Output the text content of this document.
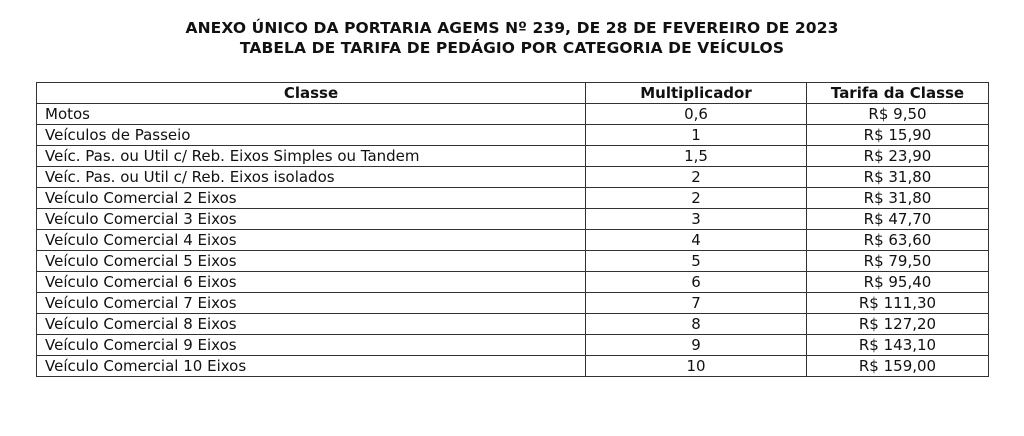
ANEXO ÚNICO DA PORTARIA AGEMS Nº 239, DE 28 DE FEVEREIRO DE 2023
TABELA DE TARIFA DE PEDÁGIO POR CATEGORIA DE VEÍCULOS
Classe	Multiplicador	Tarifa da Classe
Motos	0,6	R$ 9,50
Veículos de Passeio	1	R$ 15,90
Veíc. Pas. ou Util c/ Reb. Eixos Simples ou Tandem	1,5	R$ 23,90
Veíc. Pas. ou Util c/ Reb. Eixos isolados	2	R$ 31,80
Veículo Comercial 2 Eixos	2	R$ 31,80
Veículo Comercial 3 Eixos	3	R$ 47,70
Veículo Comercial 4 Eixos	4	R$ 63,60
Veículo Comercial 5 Eixos	5	R$ 79,50
Veículo Comercial 6 Eixos	6	R$ 95,40
Veículo Comercial 7 Eixos	7	R$ 111,30
Veículo Comercial 8 Eixos	8	R$ 127,20
Veículo Comercial 9 Eixos	9	R$ 143,10
Veículo Comercial 10 Eixos	10	R$ 159,00
